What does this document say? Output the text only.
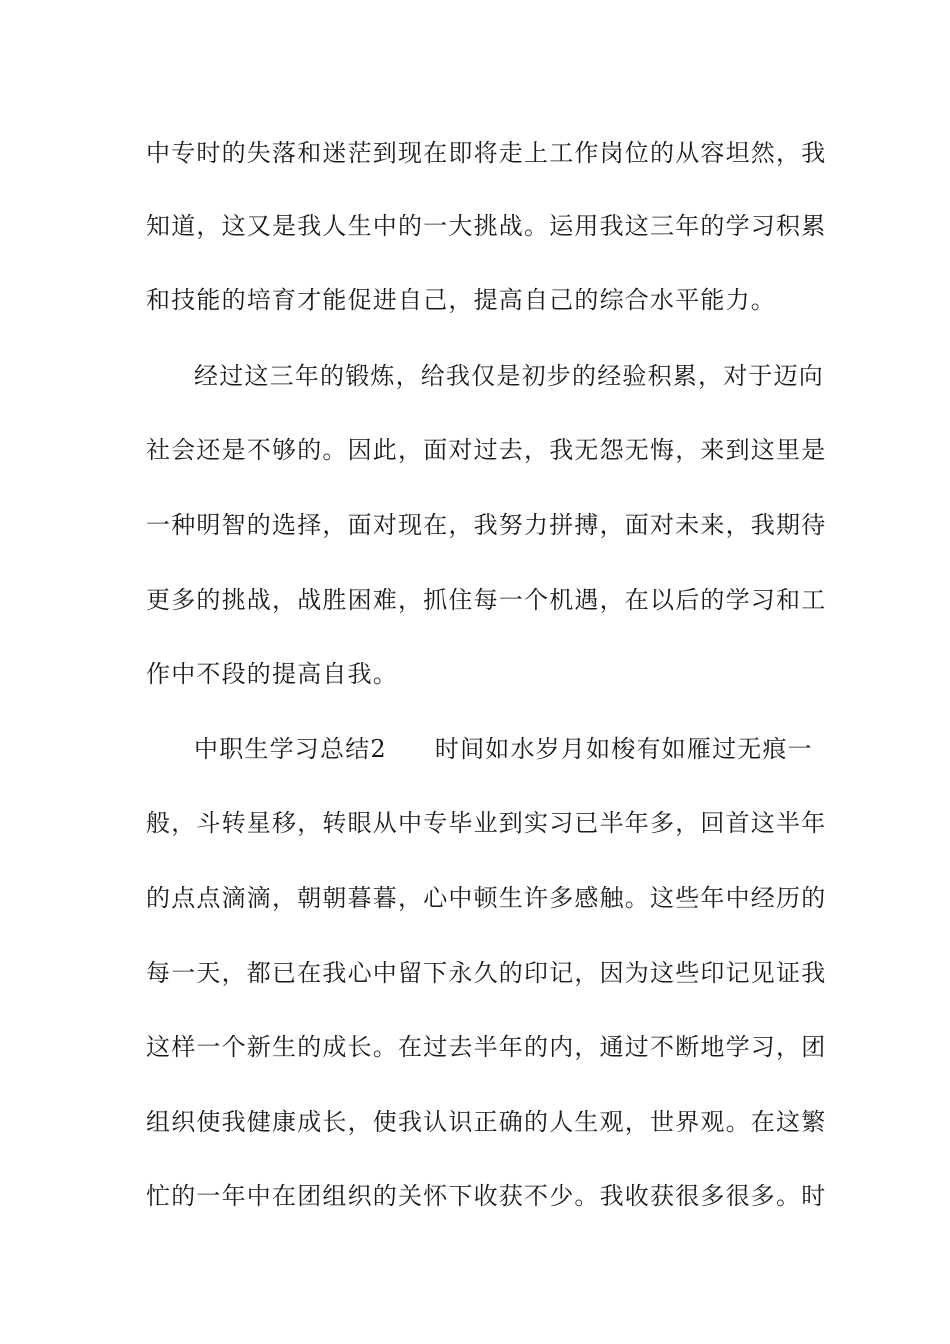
中专时的失落和迷茫到现在即将走上工作岗位的从容坦然，我
知道，这又是我人生中的一大挑战。运用我这三年的学习积累
和技能的培育才能促进自己，提高自己的综合水平能力。
经过这三年的锻炼，给我仅是初步的经验积累，对于迈向
社会还是不够的。因此，面对过去，我无怨无悔，来到这里是
一种明智的选择，面对现在，我努力拼搏，面对未来，我期待
更多的挑战，战胜困难，抓住每一个机遇，在以后的学习和工
作中不段的提高自我。
中职生学习总结2 时间如水岁月如梭有如雁过无痕一
般，斗转星移，转眼从中专毕业到实习已半年多，回首这半年
的点点滴滴，朝朝暮暮，心中顿生许多感触。这些年中经历的
每一天，都已在我心中留下永久的印记，因为这些印记见证我
这样一个新生的成长。在过去半年的内，通过不断地学习，团
组织使我健康成长，使我认识正确的人生观，世界观。在这繁
忙的一年中在团组织的关怀下收获不少。我收获很多很多。时
